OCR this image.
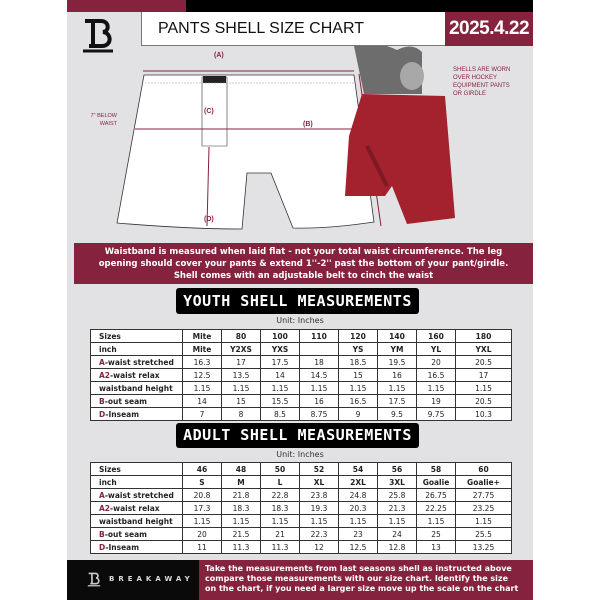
PANTS SHELL SIZE CHART	2025.4.22
(A)
(C)
(B)
(D)
7'' BELOW
WAIST
SHELLS ARE WORN
OVER HOCKEY
EQUIPMENT PANTS
OR GIRDLE
Waistband is measured when laid flat - not your total waist circumference. The leg
opening should cover your pants & extend 1''-2'' past the bottom of your pant/girdle.
Shell comes with an adjustable belt to cinch the waist
YOUTH SHELL MEASUREMENTS
Unit: Inches
Sizes	Mite	80	100	110	120	140	160	180
inch	Mite	Y2XS	YXS		YS	YM	YL	YXL
A-waist stretched	16.3	17	17.5	18	18.5	19.5	20	20.5
A2-waist relax	12.5	13.5	14	14.5	15	16	16.5	17
waistband height	1.15	1.15	1.15	1.15	1.15	1.15	1.15	1.15
B-out seam	14	15	15.5	16	16.5	17.5	19	20.5
D-Inseam	7	8	8.5	8.75	9	9.5	9.75	10.3
ADULT SHELL MEASUREMENTS
Unit: Inches
Sizes	46	48	50	52	54	56	58	60
inch	S	M	L	XL	2XL	3XL	Goalie	Goalie+
A-waist stretched	20.8	21.8	22.8	23.8	24.8	25.8	26.75	27.75
A2-waist relax	17.3	18.3	18.3	19.3	20.3	21.3	22.25	23.25
waistband height	1.15	1.15	1.15	1.15	1.15	1.15	1.15	1.15
B-out seam	20	21.5	21	22.3	23	24	25	25.5
D-Inseam	11	11.3	11.3	12	12.5	12.8	13	13.25
BREAKAWAY
Take the measurements from last seasons shell as instructed above
compare those measurements with our size chart. Identify the size
on the chart, if you need a larger size move up the scale on the chart
